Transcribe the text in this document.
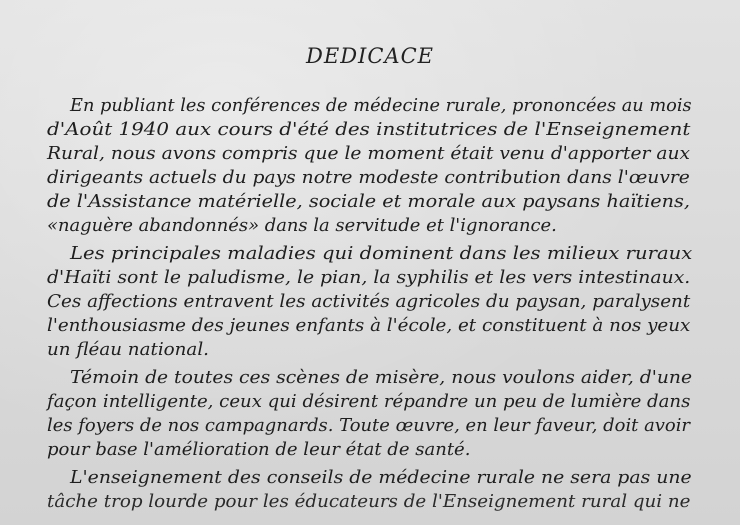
DEDICACE
En publiant les conférences de médecine rurale, prononcées au mois
d'Août 1940 aux cours d'été des institutrices de l'Enseignement
Rural, nous avons compris que le moment était venu d'apporter aux
dirigeants actuels du pays notre modeste contribution dans l'œuvre
de l'Assistance matérielle, sociale et morale aux paysans haïtiens,
«naguère abandonnés» dans la servitude et l'ignorance.
Les principales maladies qui dominent dans les milieux ruraux
d'Haïti sont le paludisme, le pian, la syphilis et les vers intestinaux.
Ces affections entravent les activités agricoles du paysan, paralysent
l'enthousiasme des jeunes enfants à l'école, et constituent à nos yeux
un fléau national.
Témoin de toutes ces scènes de misère, nous voulons aider, d'une
façon intelligente, ceux qui désirent répandre un peu de lumière dans
les foyers de nos campagnards. Toute œuvre, en leur faveur, doit avoir
pour base l'amélioration de leur état de santé.
L'enseignement des conseils de médecine rurale ne sera pas une
tâche trop lourde pour les éducateurs de l'Enseignement rural qui ne
